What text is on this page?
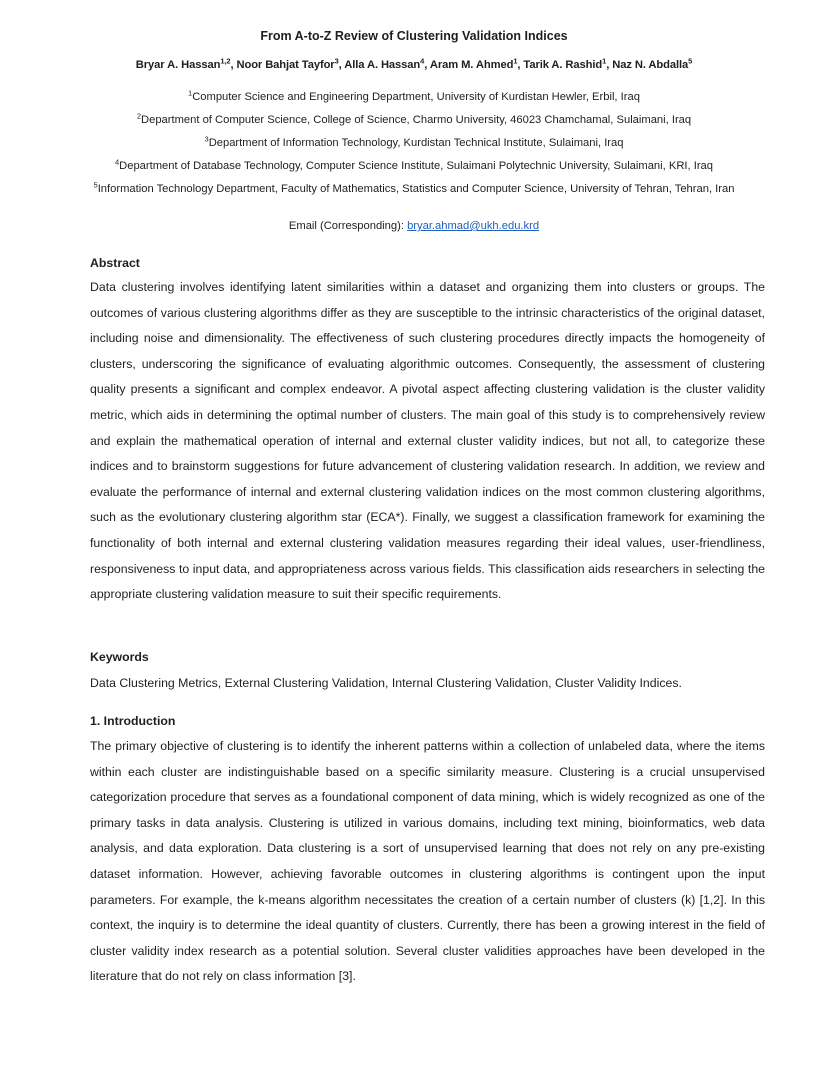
From A-to-Z Review of Clustering Validation Indices
Bryar A. Hassan$^{1,2}$, Noor Bahjat Tayfor$^3$, Alla A. Hassan$^4$, Aram M. Ahmed$^1$, Tarik A. Rashid$^1$, Naz N. Abdalla$^5$

$^1$Computer Science and Engineering Department, University of Kurdistan Hewler, Erbil, Iraq

$^2$Department of Computer Science, College of Science, Charmo University, 46023 Chamchamal, Sulaimani, Iraq

$^3$Department of Information Technology, Kurdistan Technical Institute, Sulaimani, Iraq

$^4$Department of Database Technology, Computer Science Institute, Sulaimani Polytechnic University, Sulaimani, KRI, Iraq

$^5$Information Technology Department, Faculty of Mathematics, Statistics and Computer Science, University of Tehran, Tehran, Iran

Email (Corresponding): bryar.ahmad@ukh.edu.krd
Abstract

Data clustering involves identifying latent similarities within a dataset and organizing them into clusters or groups. The outcomes of various clustering algorithms differ as they are susceptible to the intrinsic characteristics of the original dataset, including noise and dimensionality. The effectiveness of such clustering procedures directly impacts the homogeneity of clusters, underscoring the significance of evaluating algorithmic outcomes. Consequently, the assessment of clustering quality presents a significant and complex endeavor. A pivotal aspect affecting clustering validation is the cluster validity metric, which aids in determining the optimal number of clusters. The main goal of this study is to comprehensively review and explain the mathematical operation of internal and external cluster validity indices, but not all, to categorize these indices and to brainstorm suggestions for future advancement of clustering validation research. In addition, we review and evaluate the performance of internal and external clustering validation indices on the most common clustering algorithms, such as the evolutionary clustering algorithm star (ECA*). Finally, we suggest a classification framework for examining the functionality of both internal and external clustering validation measures regarding their ideal values, user-friendliness, responsiveness to input data, and appropriateness across various fields. This classification aids researchers in selecting the appropriate clustering validation measure to suit their specific requirements.

Keywords

Data Clustering Metrics, External Clustering Validation, Internal Clustering Validation, Cluster Validity Indices.

1. Introduction

The primary objective of clustering is to identify the inherent patterns within a collection of unlabeled data, where the items within each cluster are indistinguishable based on a specific similarity measure. Clustering is a crucial unsupervised categorization procedure that serves as a foundational component of data mining, which is widely recognized as one of the primary tasks in data analysis. Clustering is utilized in various domains, including text mining, bioinformatics, web data analysis, and data exploration. Data clustering is a sort of unsupervised learning that does not rely on any pre-existing dataset information. However, achieving favorable outcomes in clustering algorithms is contingent upon the input parameters. For example, the k-means algorithm necessitates the creation of a certain number of clusters (k) [1,2]. In this context, the inquiry is to determine the ideal quantity of clusters. Currently, there has been a growing interest in the field of cluster validity index research as a potential solution. Several cluster validities approaches have been developed in the literature that do not rely on class information [3].
